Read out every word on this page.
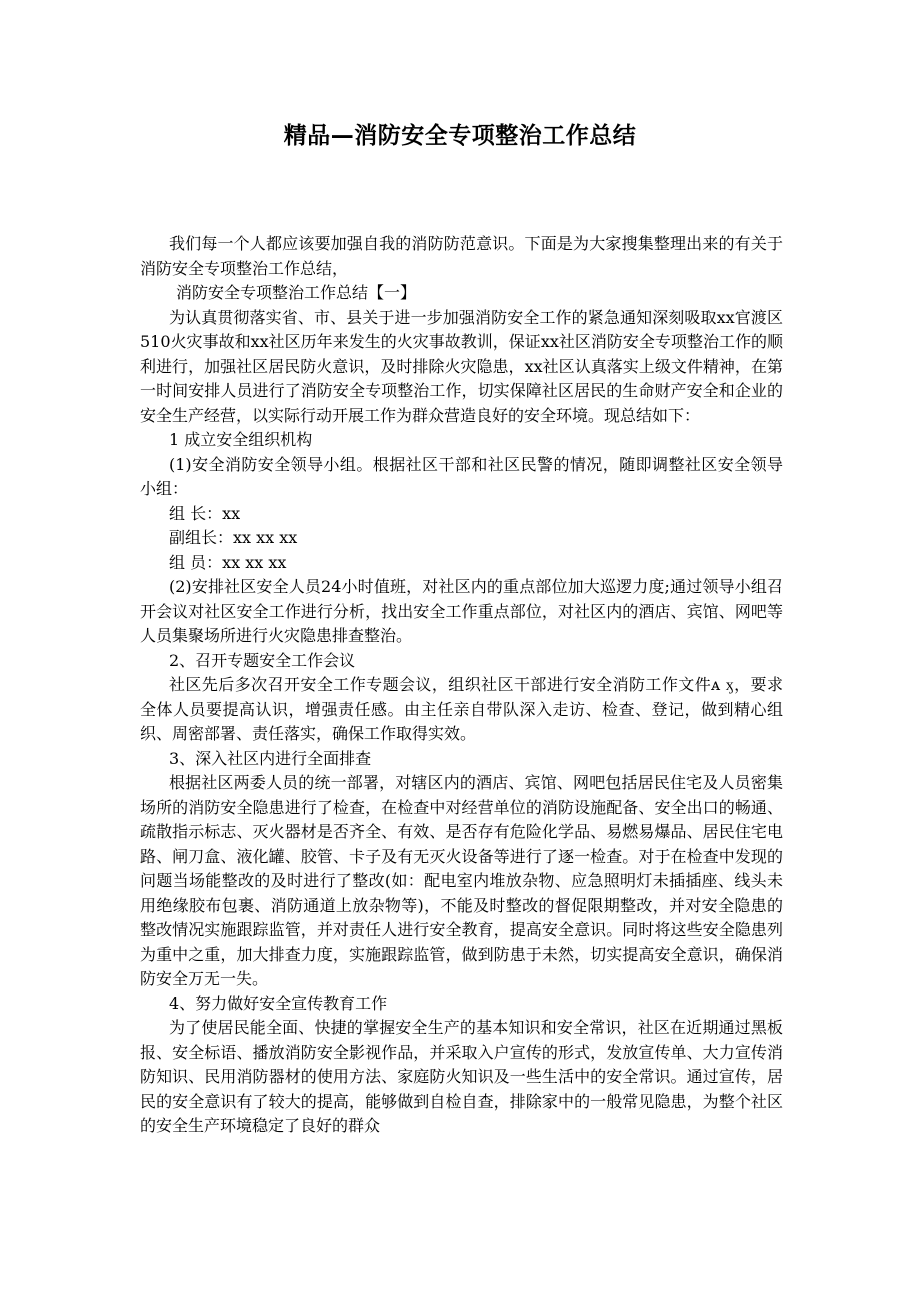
精品—消防安全专项整治工作总结

我们每一个人都应该要加强自我的消防防范意识。下面是为大家搜集整理出来的有关于消防安全专项整治工作总结，

消防安全专项整治工作总结【一】

为认真贯彻落实省、市、县关于进一步加强消防安全工作的紧急通知深刻吸取xx官渡区510火灾事故和xx社区历年来发生的火灾事故教训，保证xx社区消防安全专项整治工作的顺利进行，加强社区居民防火意识，及时排除火灾隐患，xx社区认真落实上级文件精神，在第一时间安排人员进行了消防安全专项整治工作，切实保障社区居民的生命财产安全和企业的安全生产经营，以实际行动开展工作为群众营造良好的安全环境。现总结如下：

1 成立安全组织机构

(1)安全消防安全领导小组。根据社区干部和社区民警的情况，随即调整社区安全领导小组：

组 长：xx

副组长：xx xx xx

组 员：xx xx xx

(2)安排社区安全人员24小时值班，对社区内的重点部位加大巡逻力度;通过领导小组召开会议对社区安全工作进行分析，找出安全工作重点部位，对社区内的酒店、宾馆、网吧等人员集聚场所进行火灾隐患排查整治。

2、召开专题安全工作会议

社区先后多次召开安全工作专题会议，组织社区干部进行安全消防工作文件ᴀ ӽ，要求全体人员要提高认识，增强责任感。由主任亲自带队深入走访、检查、登记，做到精心组织、周密部署、责任落实，确保工作取得实效。

3、深入社区内进行全面排查

根据社区两委人员的统一部署，对辖区内的酒店、宾馆、网吧包括居民住宅及人员密集场所的消防安全隐患进行了检查，在检查中对经营单位的消防设施配备、安全出口的畅通、疏散指示标志、灭火器材是否齐全、有效、是否存有危险化学品、易燃易爆品、居民住宅电路、闸刀盒、液化罐、胶管、卡子及有无灭火设备等进行了逐一检查。对于在检查中发现的问题当场能整改的及时进行了整改(如：配电室内堆放杂物、应急照明灯未插插座、线头未用绝缘胶布包裹、消防通道上放杂物等)，不能及时整改的督促限期整改，并对安全隐患的整改情况实施跟踪监管，并对责任人进行安全教育，提高安全意识。同时将这些安全隐患列为重中之重，加大排查力度，实施跟踪监管，做到防患于未然，切实提高安全意识，确保消防安全万无一失。

4、努力做好安全宣传教育工作

为了使居民能全面、快捷的掌握安全生产的基本知识和安全常识，社区在近期通过黑板报、安全标语、播放消防安全影视作品，并采取入户宣传的形式，发放宣传单、大力宣传消防知识、民用消防器材的使用方法、家庭防火知识及一些生活中的安全常识。通过宣传，居民的安全意识有了较大的提高，能够做到自检自查，排除家中的一般常见隐患，为整个社区的安全生产环境稳定了良好的群众
